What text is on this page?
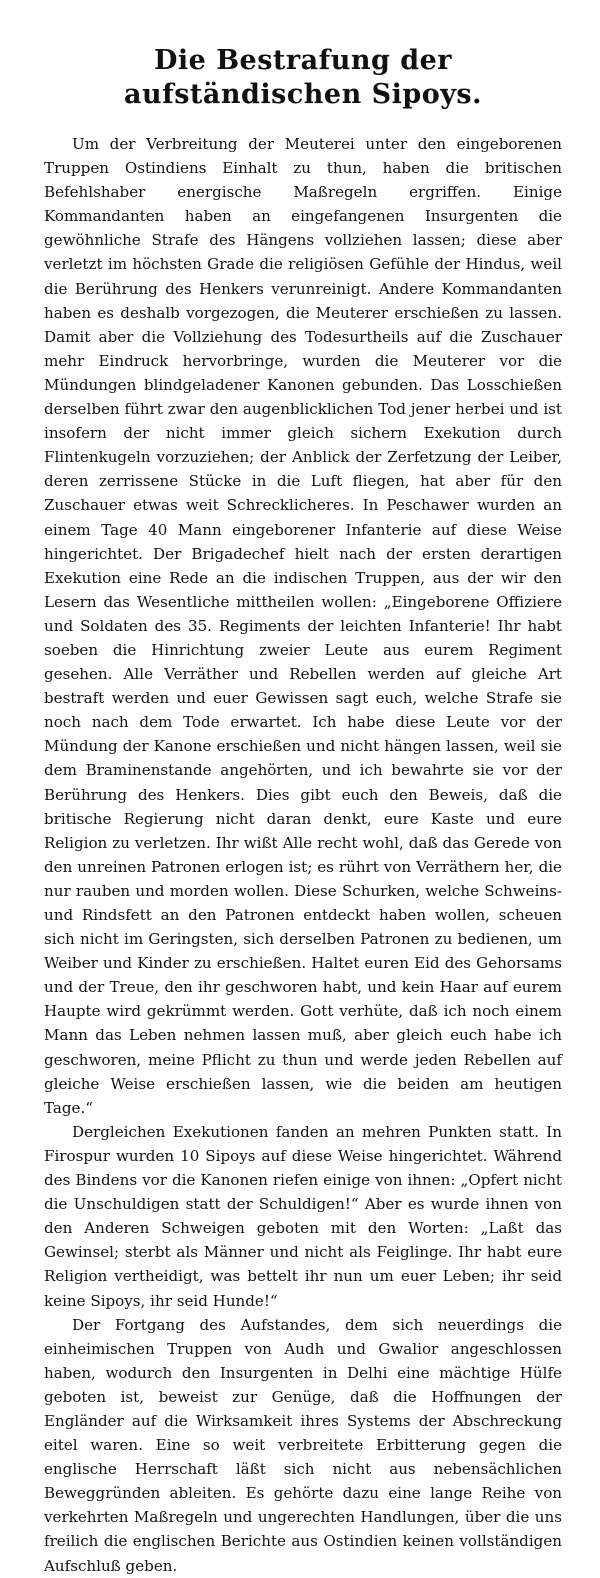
Die Bestrafung der aufständischen Sipoys.

Um der Verbreitung der Meuterei unter den eingeborenen Truppen Ostindiens Einhalt zu thun, haben die britischen Befehlshaber energische Maßregeln ergriffen. Einige Kommandanten haben an eingefangenen Insurgenten die gewöhnliche Strafe des Hängens vollziehen lassen; diese aber verletzt im höchsten Grade die religiösen Gefühle der Hindus, weil die Berührung des Henkers verunreinigt. Andere Kommandanten haben es deshalb vorgezogen, die Meuterer erschießen zu lassen. Damit aber die Vollziehung des Todesurtheils auf die Zuschauer mehr Eindruck hervorbringe, wurden die Meuterer vor die Mündungen blindgeladener Kanonen gebunden. Das Losschießen derselben führt zwar den augenblicklichen Tod jener herbei und ist insofern der nicht immer gleich sichern Exekution durch Flintenkugeln vorzuziehen; der Anblick der Zerfetzung der Leiber, deren zerrissene Stücke in die Luft fliegen, hat aber für den Zuschauer etwas weit Schrecklicheres. In Peschawer wurden an einem Tage 40 Mann eingeborener Infanterie auf diese Weise hingerichtet. Der Brigadechef hielt nach der ersten derartigen Exekution eine Rede an die indischen Truppen, aus der wir den Lesern das Wesentliche mittheilen wollen: „Eingeborene Offiziere und Soldaten des 35. Regiments der leichten Infanterie! Ihr habt soeben die Hinrichtung zweier Leute aus eurem Regiment gesehen. Alle Verräther und Rebellen werden auf gleiche Art bestraft werden und euer Gewissen sagt euch, welche Strafe sie noch nach dem Tode erwartet. Ich habe diese Leute vor der Mündung der Kanone erschießen und nicht hängen lassen, weil sie dem Braminenstande angehörten, und ich bewahrte sie vor der Berührung des Henkers. Dies gibt euch den Beweis, daß die britische Regierung nicht daran denkt, eure Kaste und eure Religion zu verletzen. Ihr wißt Alle recht wohl, daß das Gerede von den unreinen Patronen erlogen ist; es rührt von Verräthern her, die nur rauben und morden wollen. Diese Schurken, welche Schweins- und Rindsfett an den Patronen entdeckt haben wollen, scheuen sich nicht im Geringsten, sich derselben Patronen zu bedienen, um Weiber und Kinder zu erschießen. Haltet euren Eid des Gehorsams und der Treue, den ihr geschworen habt, und kein Haar auf eurem Haupte wird gekrümmt werden. Gott verhüte, daß ich noch einem Mann das Leben nehmen lassen muß, aber gleich euch habe ich geschworen, meine Pflicht zu thun und werde jeden Rebellen auf gleiche Weise erschießen lassen, wie die beiden am heutigen Tage.“

Dergleichen Exekutionen fanden an mehren Punkten statt. In Firospur wurden 10 Sipoys auf diese Weise hingerichtet. Während des Bindens vor die Kanonen riefen einige von ihnen: „Opfert nicht die Unschuldigen statt der Schuldigen!“ Aber es wurde ihnen von den Anderen Schweigen geboten mit den Worten: „Laßt das Gewinsel; sterbt als Männer und nicht als Feiglinge. Ihr habt eure Religion vertheidigt, was bettelt ihr nun um euer Leben; ihr seid keine Sipoys, ihr seid Hunde!“

Der Fortgang des Aufstandes, dem sich neuerdings die einheimischen Truppen von Audh und Gwalior angeschlossen haben, wodurch den Insurgenten in Delhi eine mächtige Hülfe geboten ist, beweist zur Genüge, daß die Hoffnungen der Engländer auf die Wirksamkeit ihres Systems der Abschreckung eitel waren. Eine so weit verbreitete Erbitterung gegen die englische Herrschaft läßt sich nicht aus nebensächlichen Beweggründen ableiten. Es gehörte dazu eine lange Reihe von verkehrten Maßregeln und ungerechten Handlungen, über die uns freilich die englischen Berichte aus Ostindien keinen vollständigen Aufschluß geben.
